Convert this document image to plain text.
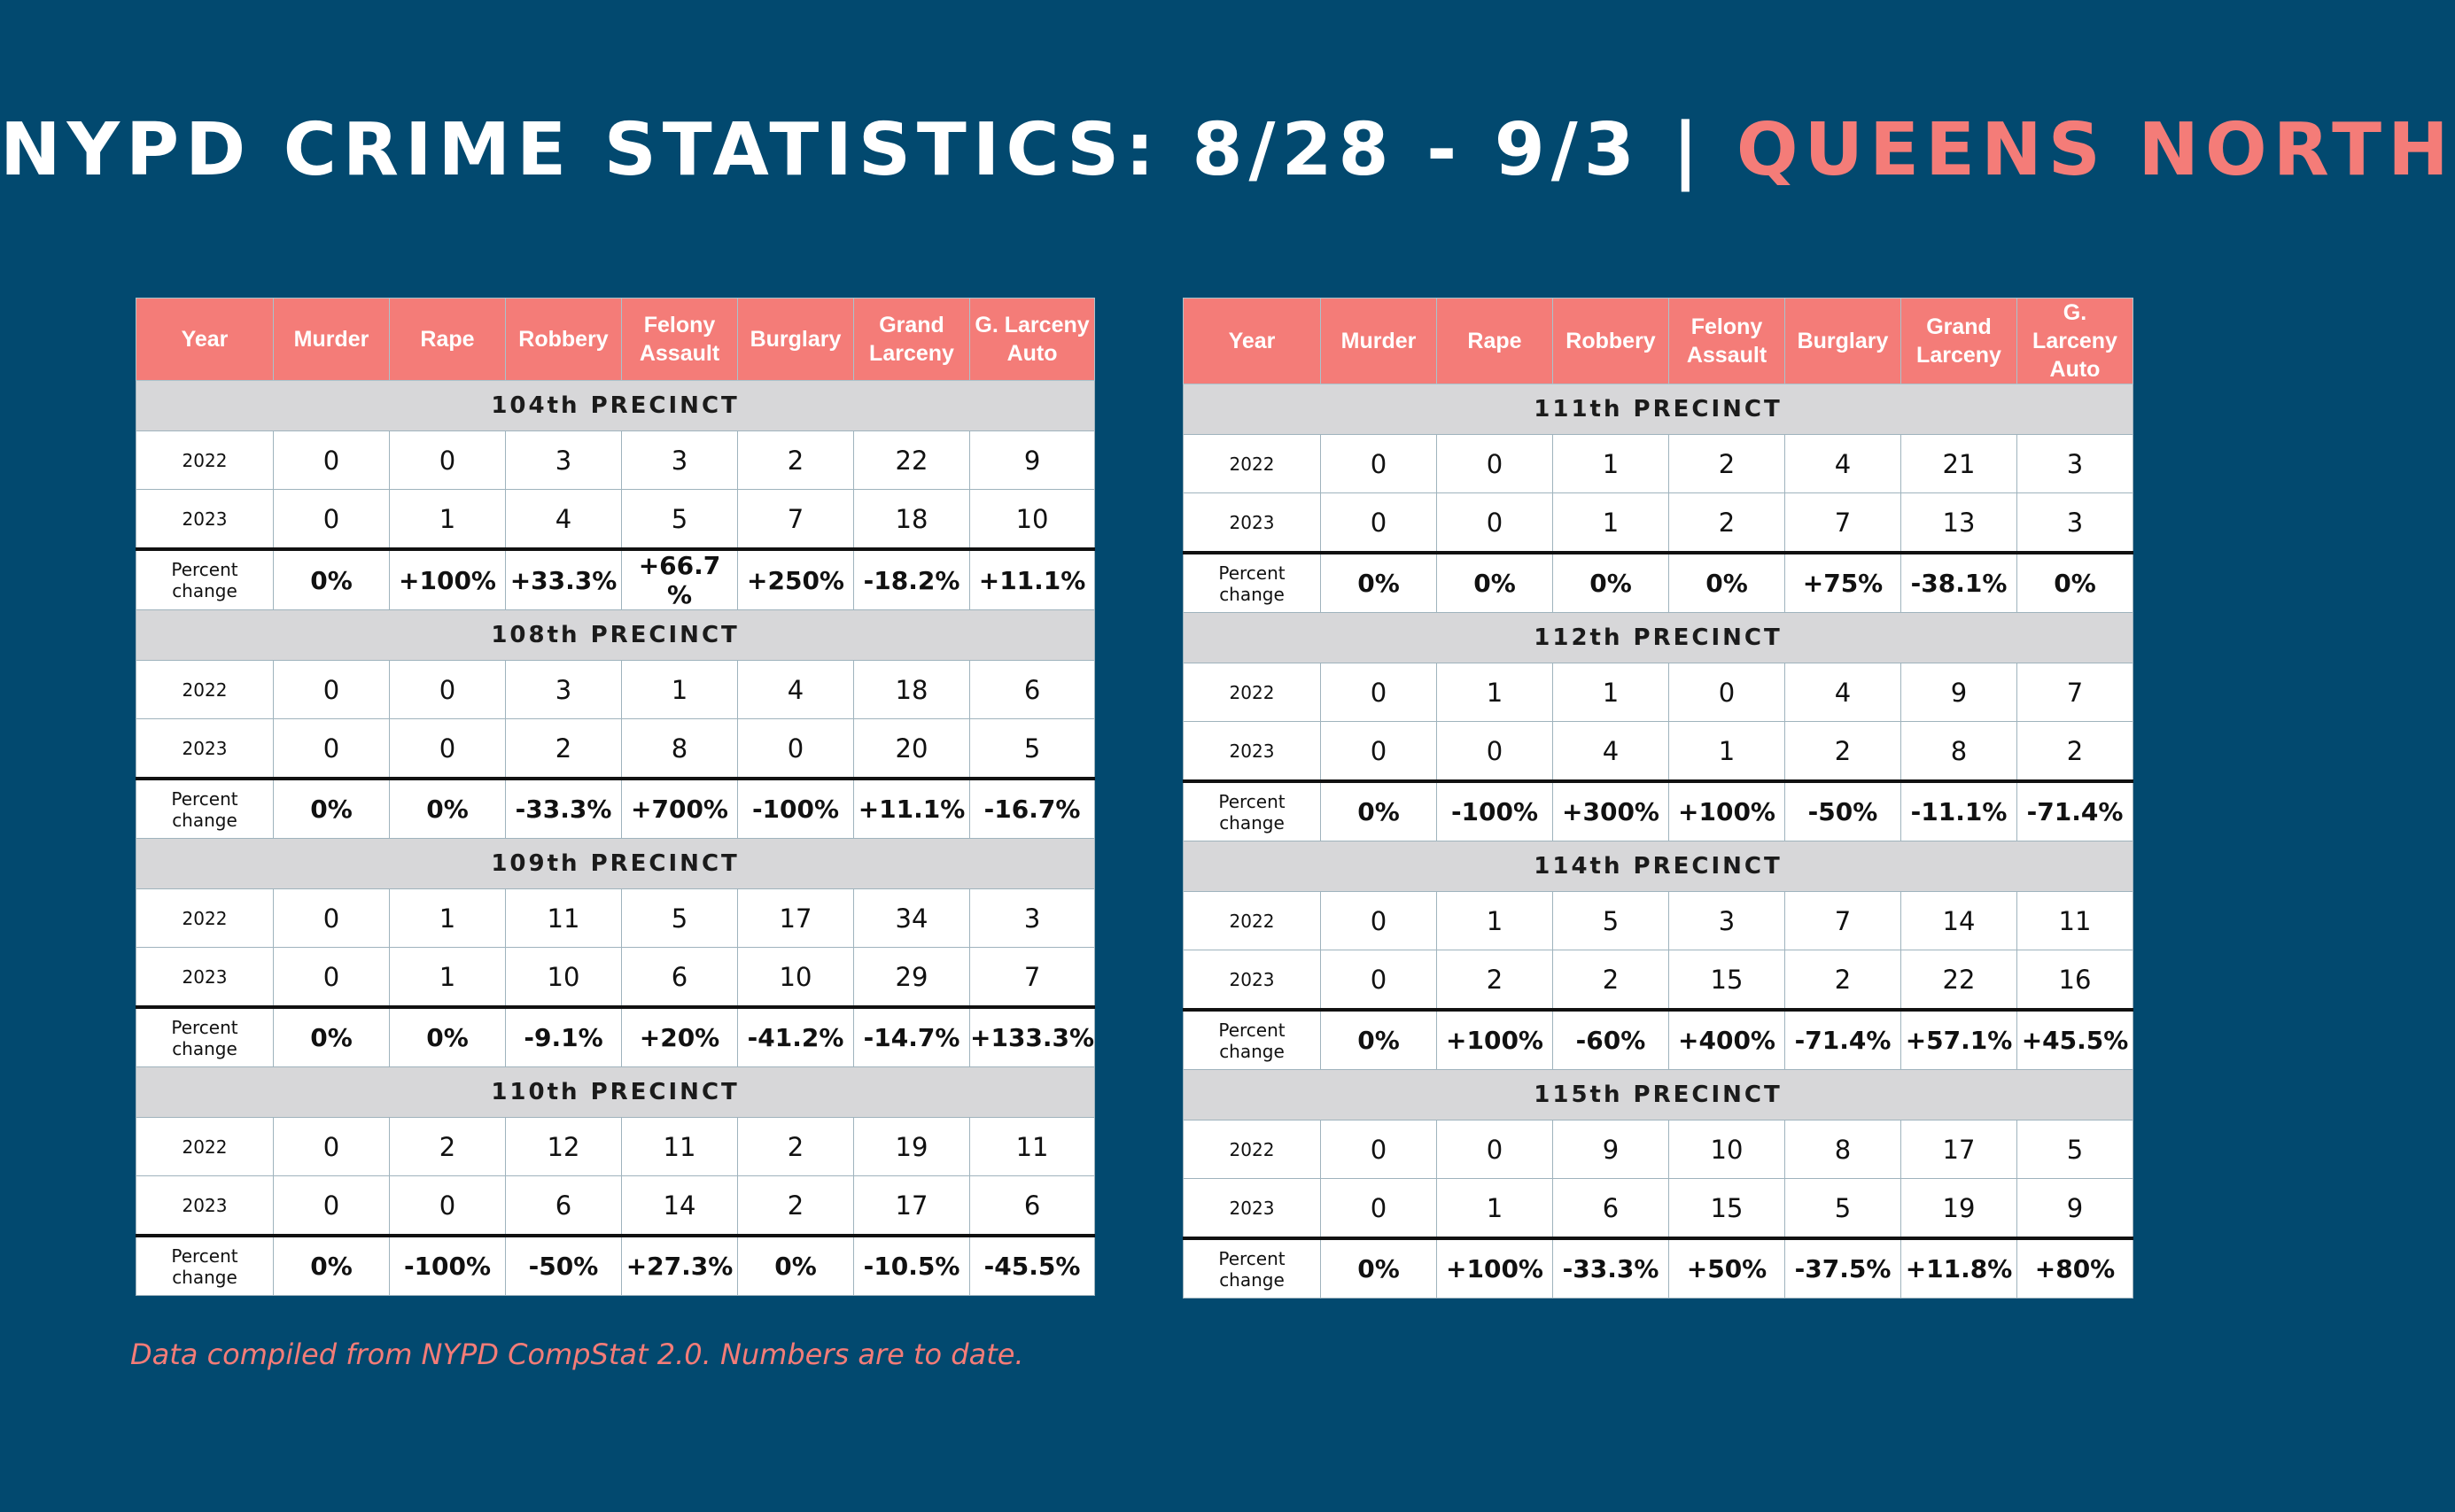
NYPD CRIME STATISTICS: 8/28 - 9/3 | QUEENS NORTH
Year	Murder	Rape	Robbery	Felony Assault	Burglary	Grand Larceny	G. Larceny Auto
104th PRECINCT							
2022	0	0	3	3	2	22	9
2023	0	1	4	5	7	18	10
Percent change	0%	+100%	+33.3%	+66.7 %	+250%	-18.2%	+11.1%
108th PRECINCT							
2022	0	0	3	1	4	18	6
2023	0	0	2	8	0	20	5
Percent change	0%	0%	-33.3%	+700%	-100%	+11.1%	-16.7%
109th PRECINCT							
2022	0	1	11	5	17	34	3
2023	0	1	10	6	10	29	7
Percent change	0%	0%	-9.1%	+20%	-41.2%	-14.7%	+133.3%
110th PRECINCT							
2022	0	2	12	11	2	19	11
2023	0	0	6	14	2	17	6
Percent change	0%	-100%	-50%	+27.3%	0%	-10.5%	-45.5%
Year	Murder	Rape	Robbery	Felony Assault	Burglary	Grand Larceny	G. Larceny Auto
111th PRECINCT							
2022	0	0	1	2	4	21	3
2023	0	0	1	2	7	13	3
Percent change	0%	0%	0%	0%	+75%	-38.1%	0%
112th PRECINCT							
2022	0	1	1	0	4	9	7
2023	0	0	4	1	2	8	2
Percent change	0%	-100%	+300%	+100%	-50%	-11.1%	-71.4%
114th PRECINCT							
2022	0	1	5	3	7	14	11
2023	0	2	2	15	2	22	16
Percent change	0%	+100%	-60%	+400%	-71.4%	+57.1%	+45.5%
115th PRECINCT							
2022	0	0	9	10	8	17	5
2023	0	1	6	15	5	19	9
Percent change	0%	+100%	-33.3%	+50%	-37.5%	+11.8%	+80%
Data compiled from NYPD CompStat 2.0. Numbers are to date.
